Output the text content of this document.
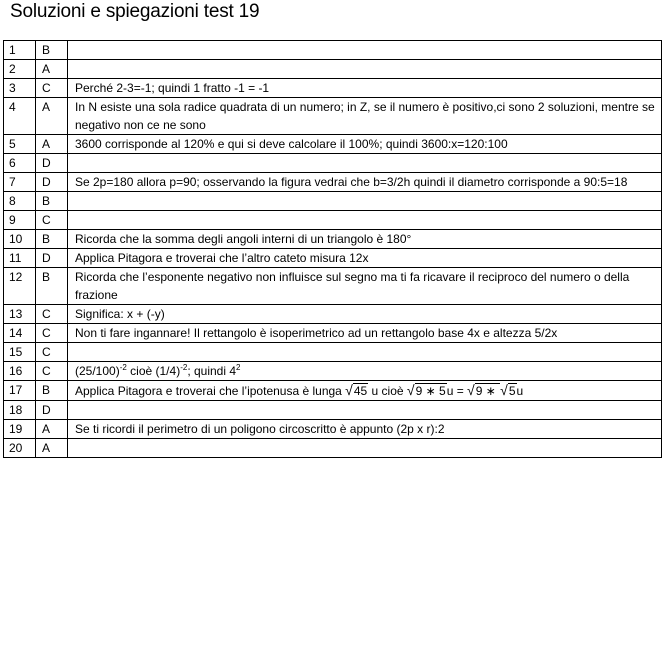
Soluzioni e spiegazioni test 19
1	B	
2	A	
3	C	Perché 2-3=-1; quindi 1 fratto -1 = -1
4	A	In N esiste una sola radice quadrata di un numero; in Z, se il numero è positivo,ci sono 2 soluzioni, mentre se negativo non ce ne sono
5	A	3600 corrisponde al 120% e qui si deve calcolare il 100%; quindi 3600:x=120:100
6	D	
7	D	Se 2p=180 allora p=90; osservando la figura vedrai che b=3/2h quindi il diametro corrisponde a 90:5=18
8	B	
9	C	
10	B	Ricorda che la somma degli angoli interni di un triangolo è 180°
11	D	Applica Pitagora e troverai che l’altro cateto misura 12x
12	B	Ricorda che l’esponente negativo non influisce sul segno ma ti fa ricavare il reciproco del numero o della frazione
13	C	Significa: x + (-y)
14	C	Non ti fare ingannare! Il rettangolo è isoperimetrico ad un rettangolo base 4x e altezza 5/2x
15	C	
16	C	$(25/100)^{-2}$ cioè $(1/4)^{-2}$; quindi $4^2$
17	B	Applica Pitagora e troverai che l’ipotenusa è lunga √45 u cioè √9 ∗ 5u = √9 ∗ √5u
18	D	
19	A	Se ti ricordi il perimetro di un poligono circoscritto è appunto (2p x r):2
20	A	
